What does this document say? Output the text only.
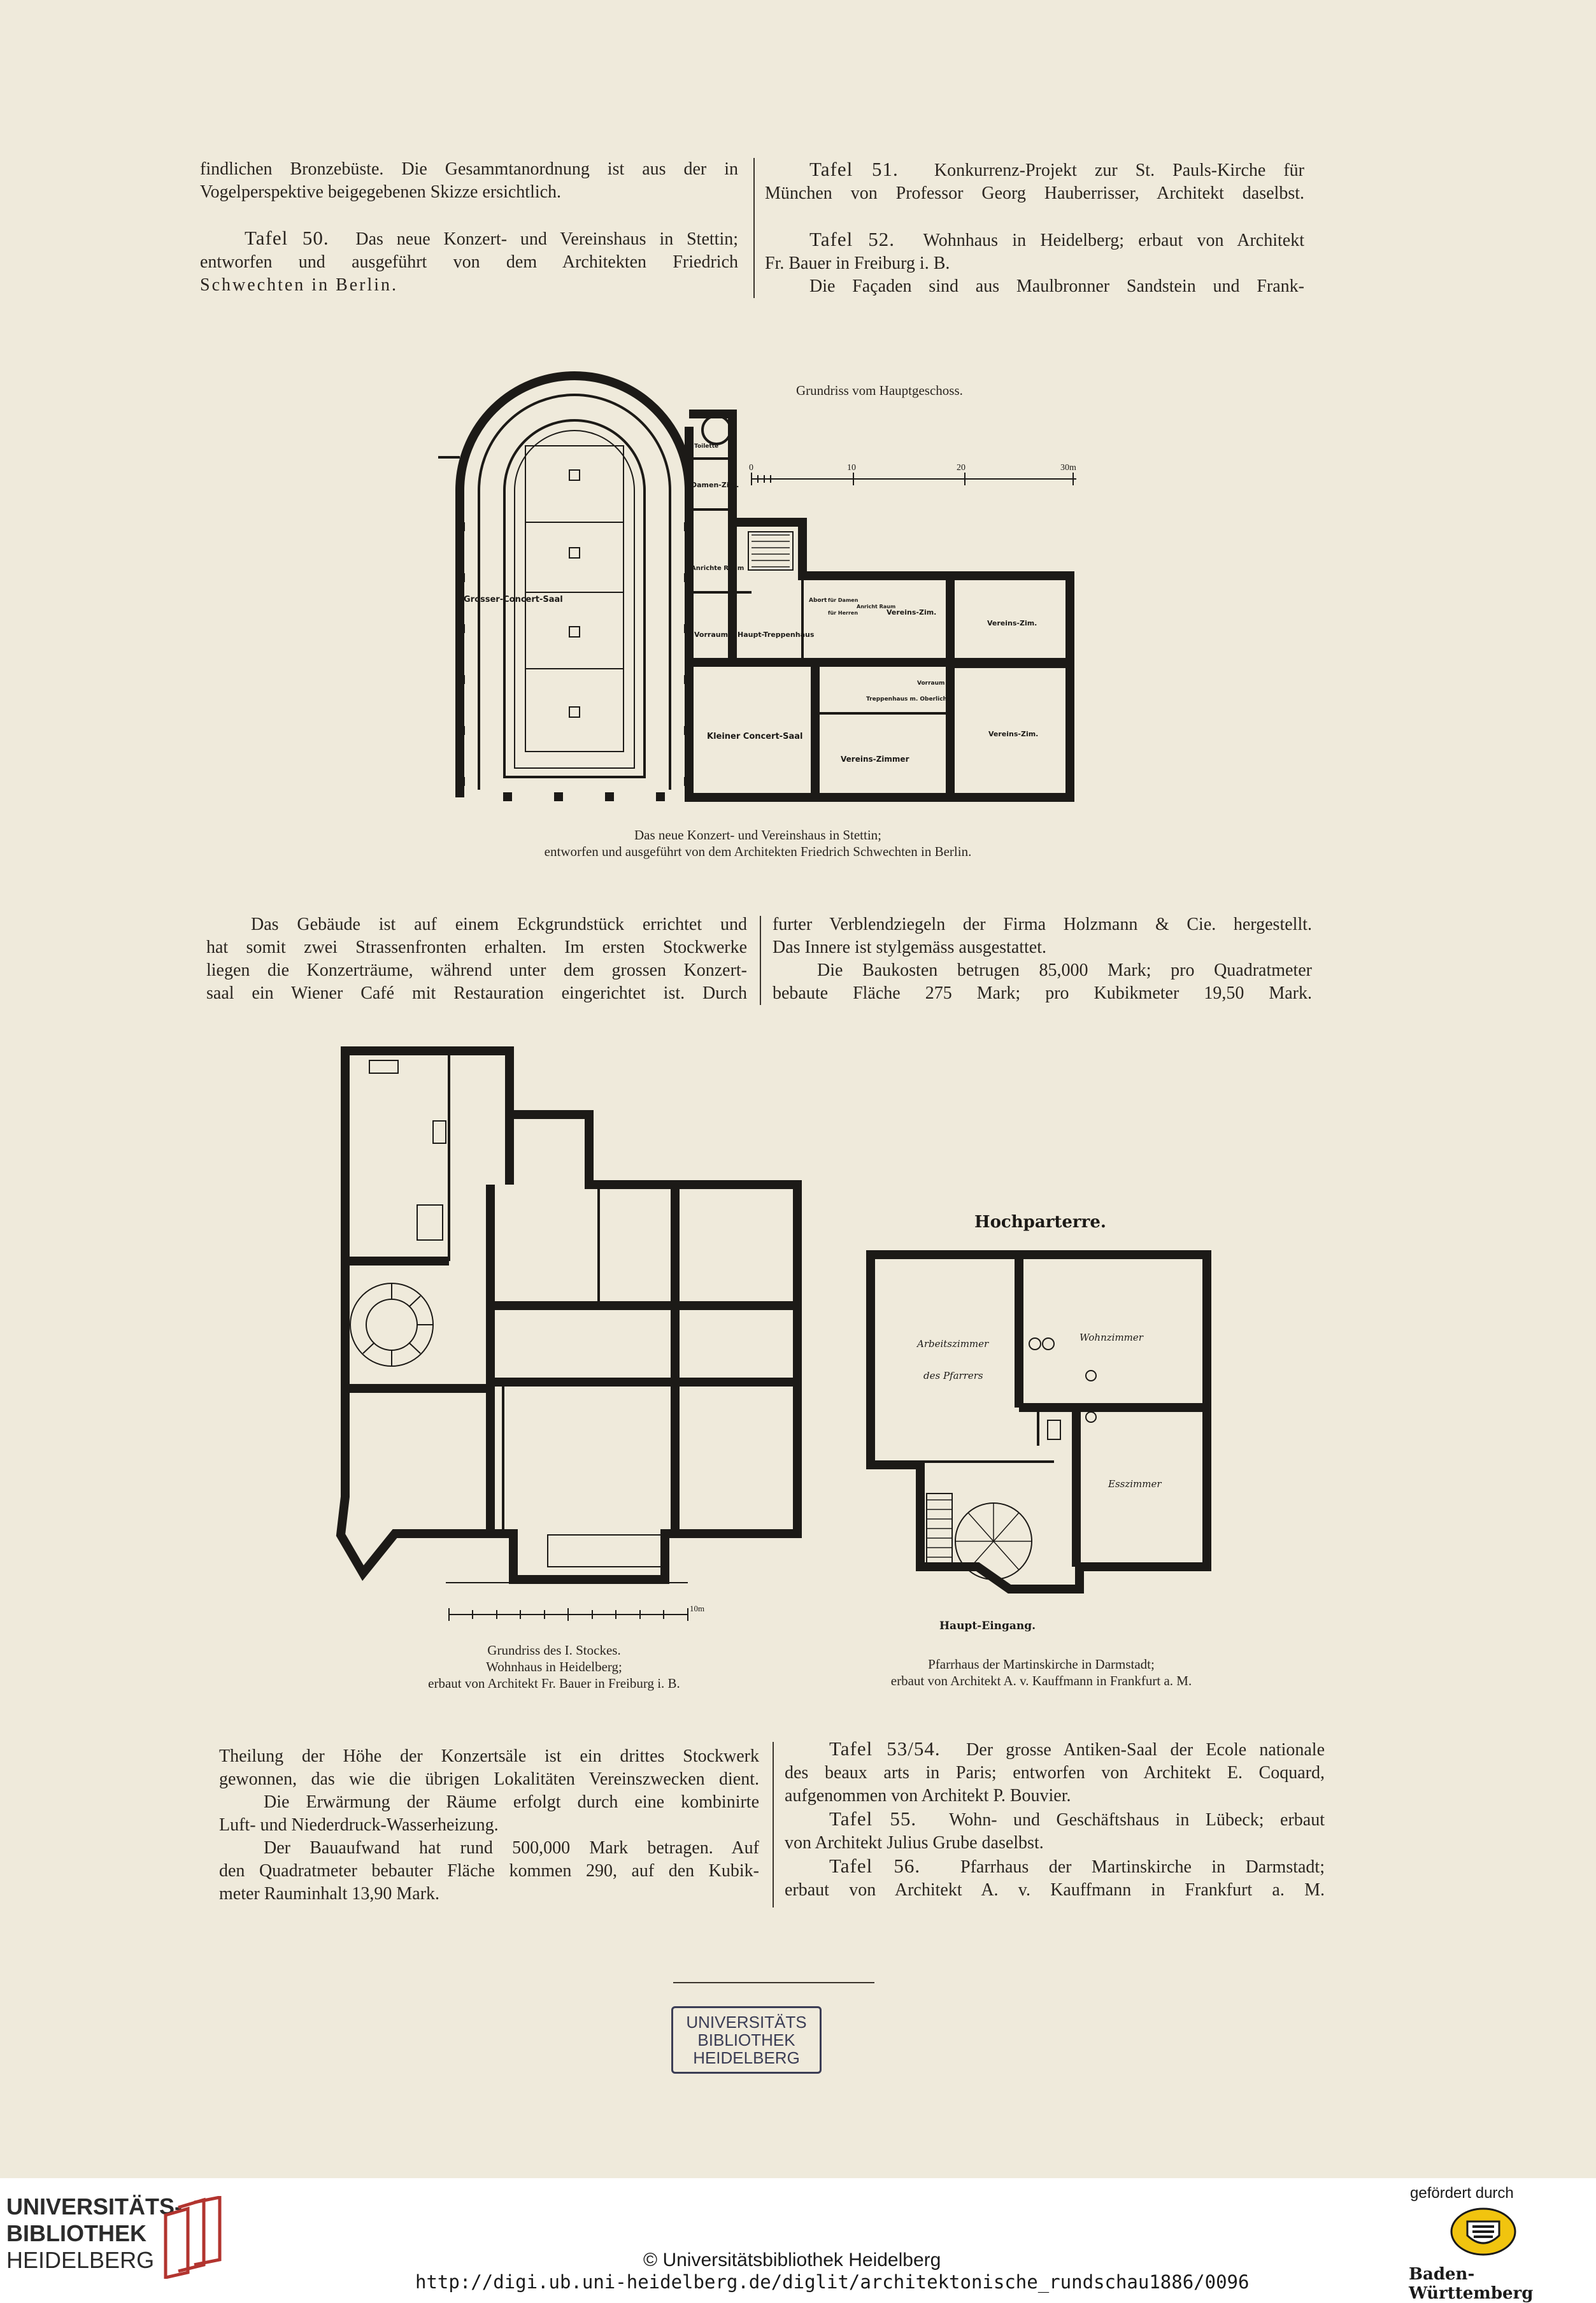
findlichen Bronzebüste. Die Gesammtanordnung ist aus der in

Vogelperspektive beigegebenen Skizze ersichtlich.

Tafel 50. Das neue Konzert- und Vereinshaus in Stettin;

entworfen und ausgeführt von dem Architekten Friedrich

Schwechten in Berlin.

Tafel 51. Konkurrenz-Projekt zur St. Pauls-Kirche für

München von Professor Georg Hauberrisser, Architekt daselbst.

Tafel 52. Wohnhaus in Heidelberg; erbaut von Architekt

Fr. Bauer in Freiburg i. B.

Die Façaden sind aus Maulbronner Sandstein und Frank-

Grosser-Concert-Saal
Damen-Zim.
Toilette
Anrichte Raum
Vorraum Haupt-Treppenhaus
Abort für Damen
für Herren
Anricht Raum
Vereins-Zim.
Vereins-Zim.
Treppenhaus m. Oberlicht
Vorraum
Kleiner Concert-Saal
Vereins-Zimmer
Vereins-Zim.
Grundriss vom Hauptgeschoss.
0	10	20	30m
Das neue Konzert- und Vereinshaus in Stettin;
entworfen und ausgeführt von dem Architekten Friedrich Schwechten in Berlin.

Das Gebäude ist auf einem Eckgrundstück errichtet und

hat somit zwei Strassenfronten erhalten. Im ersten Stockwerke

liegen die Konzerträume, während unter dem grossen Konzert-

saal ein Wiener Café mit Restauration eingerichtet ist. Durch

furter Verblendziegeln der Firma Holzmann & Cie. hergestellt.

Das Innere ist stylgemäss ausgestattet.

Die Baukosten betrugen 85,000 Mark; pro Quadratmeter

bebaute Fläche 275 Mark; pro Kubikmeter 19,50 Mark.

10m
Grundriss des I. Stockes.
Wohnhaus in Heidelberg;
erbaut von Architekt Fr. Bauer in Freiburg i. B.
Hochparterre.
Arbeitszimmer
des Pfarrers
Wohnzimmer
Esszimmer
Haupt-Eingang.
Pfarrhaus der Martinskirche in Darmstadt;
erbaut von Architekt A. v. Kauffmann in Frankfurt a. M.

Theilung der Höhe der Konzertsäle ist ein drittes Stockwerk

gewonnen, das wie die übrigen Lokalitäten Vereinszwecken dient.

Die Erwärmung der Räume erfolgt durch eine kombinirte

Luft- und Niederdruck-Wasserheizung.

Der Bauaufwand hat rund 500,000 Mark betragen. Auf

den Quadratmeter bebauter Fläche kommen 290, auf den Kubik-

meter Rauminhalt 13,90 Mark.

Tafel 53/54. Der grosse Antiken-Saal der Ecole nationale

des beaux arts in Paris; entworfen von Architekt E. Coquard,

aufgenommen von Architekt P. Bouvier.

Tafel 55. Wohn- und Geschäftshaus in Lübeck; erbaut

von Architekt Julius Grube daselbst.

Tafel 56. Pfarrhaus der Martinskirche in Darmstadt;

erbaut von Architekt A. v. Kauffmann in Frankfurt a. M.

UNIVERSITÄTS
BIBLIOTHEK
HEIDELBERG
UNIVERSITÄTS-
BIBLIOTHEK
HEIDELBERG
gefördert durch
Baden-Württemberg
© Universitätsbibliothek Heidelberg
http://digi.ub.uni-heidelberg.de/diglit/architektonische_rundschau1886/0096
